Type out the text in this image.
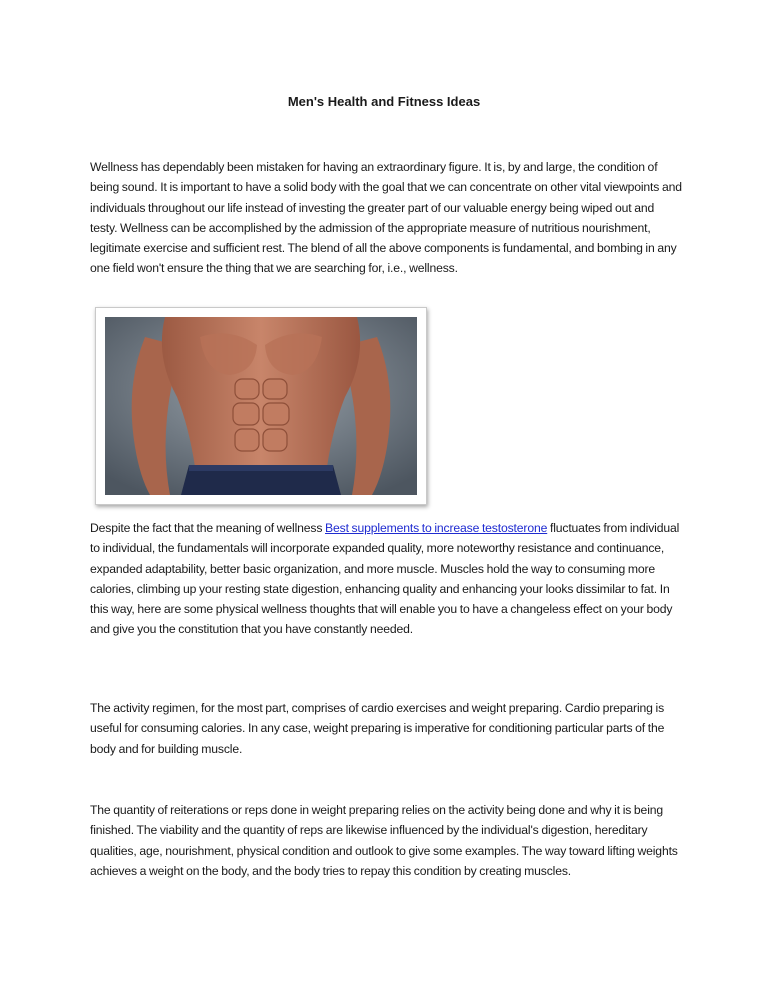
Men's Health and Fitness Ideas
Wellness has dependably been mistaken for having an extraordinary figure. It is, by and large, the condition of being sound. It is important to have a solid body with the goal that we can concentrate on other vital viewpoints and individuals throughout our life instead of investing the greater part of our valuable energy being wiped out and testy. Wellness can be accomplished by the admission of the appropriate measure of nutritious nourishment, legitimate exercise and sufficient rest. The blend of all the above components is fundamental, and bombing in any one field won't ensure the thing that we are searching for, i.e., wellness.
Despite the fact that the meaning of wellness Best supplements to increase testosterone fluctuates from individual to individual, the fundamentals will incorporate expanded quality, more noteworthy resistance and continuance, expanded adaptability, better basic organization, and more muscle. Muscles hold the way to consuming more calories, climbing up your resting state digestion, enhancing quality and enhancing your looks dissimilar to fat. In this way, here are some physical wellness thoughts that will enable you to have a changeless effect on your body and give you the constitution that you have constantly needed.
The activity regimen, for the most part, comprises of cardio exercises and weight preparing. Cardio preparing is useful for consuming calories. In any case, weight preparing is imperative for conditioning particular parts of the body and for building muscle.
The quantity of reiterations or reps done in weight preparing relies on the activity being done and why it is being finished. The viability and the quantity of reps are likewise influenced by the individual's digestion, hereditary qualities, age, nourishment, physical condition and outlook to give some examples. The way toward lifting weights achieves a weight on the body, and the body tries to repay this condition by creating muscles.
